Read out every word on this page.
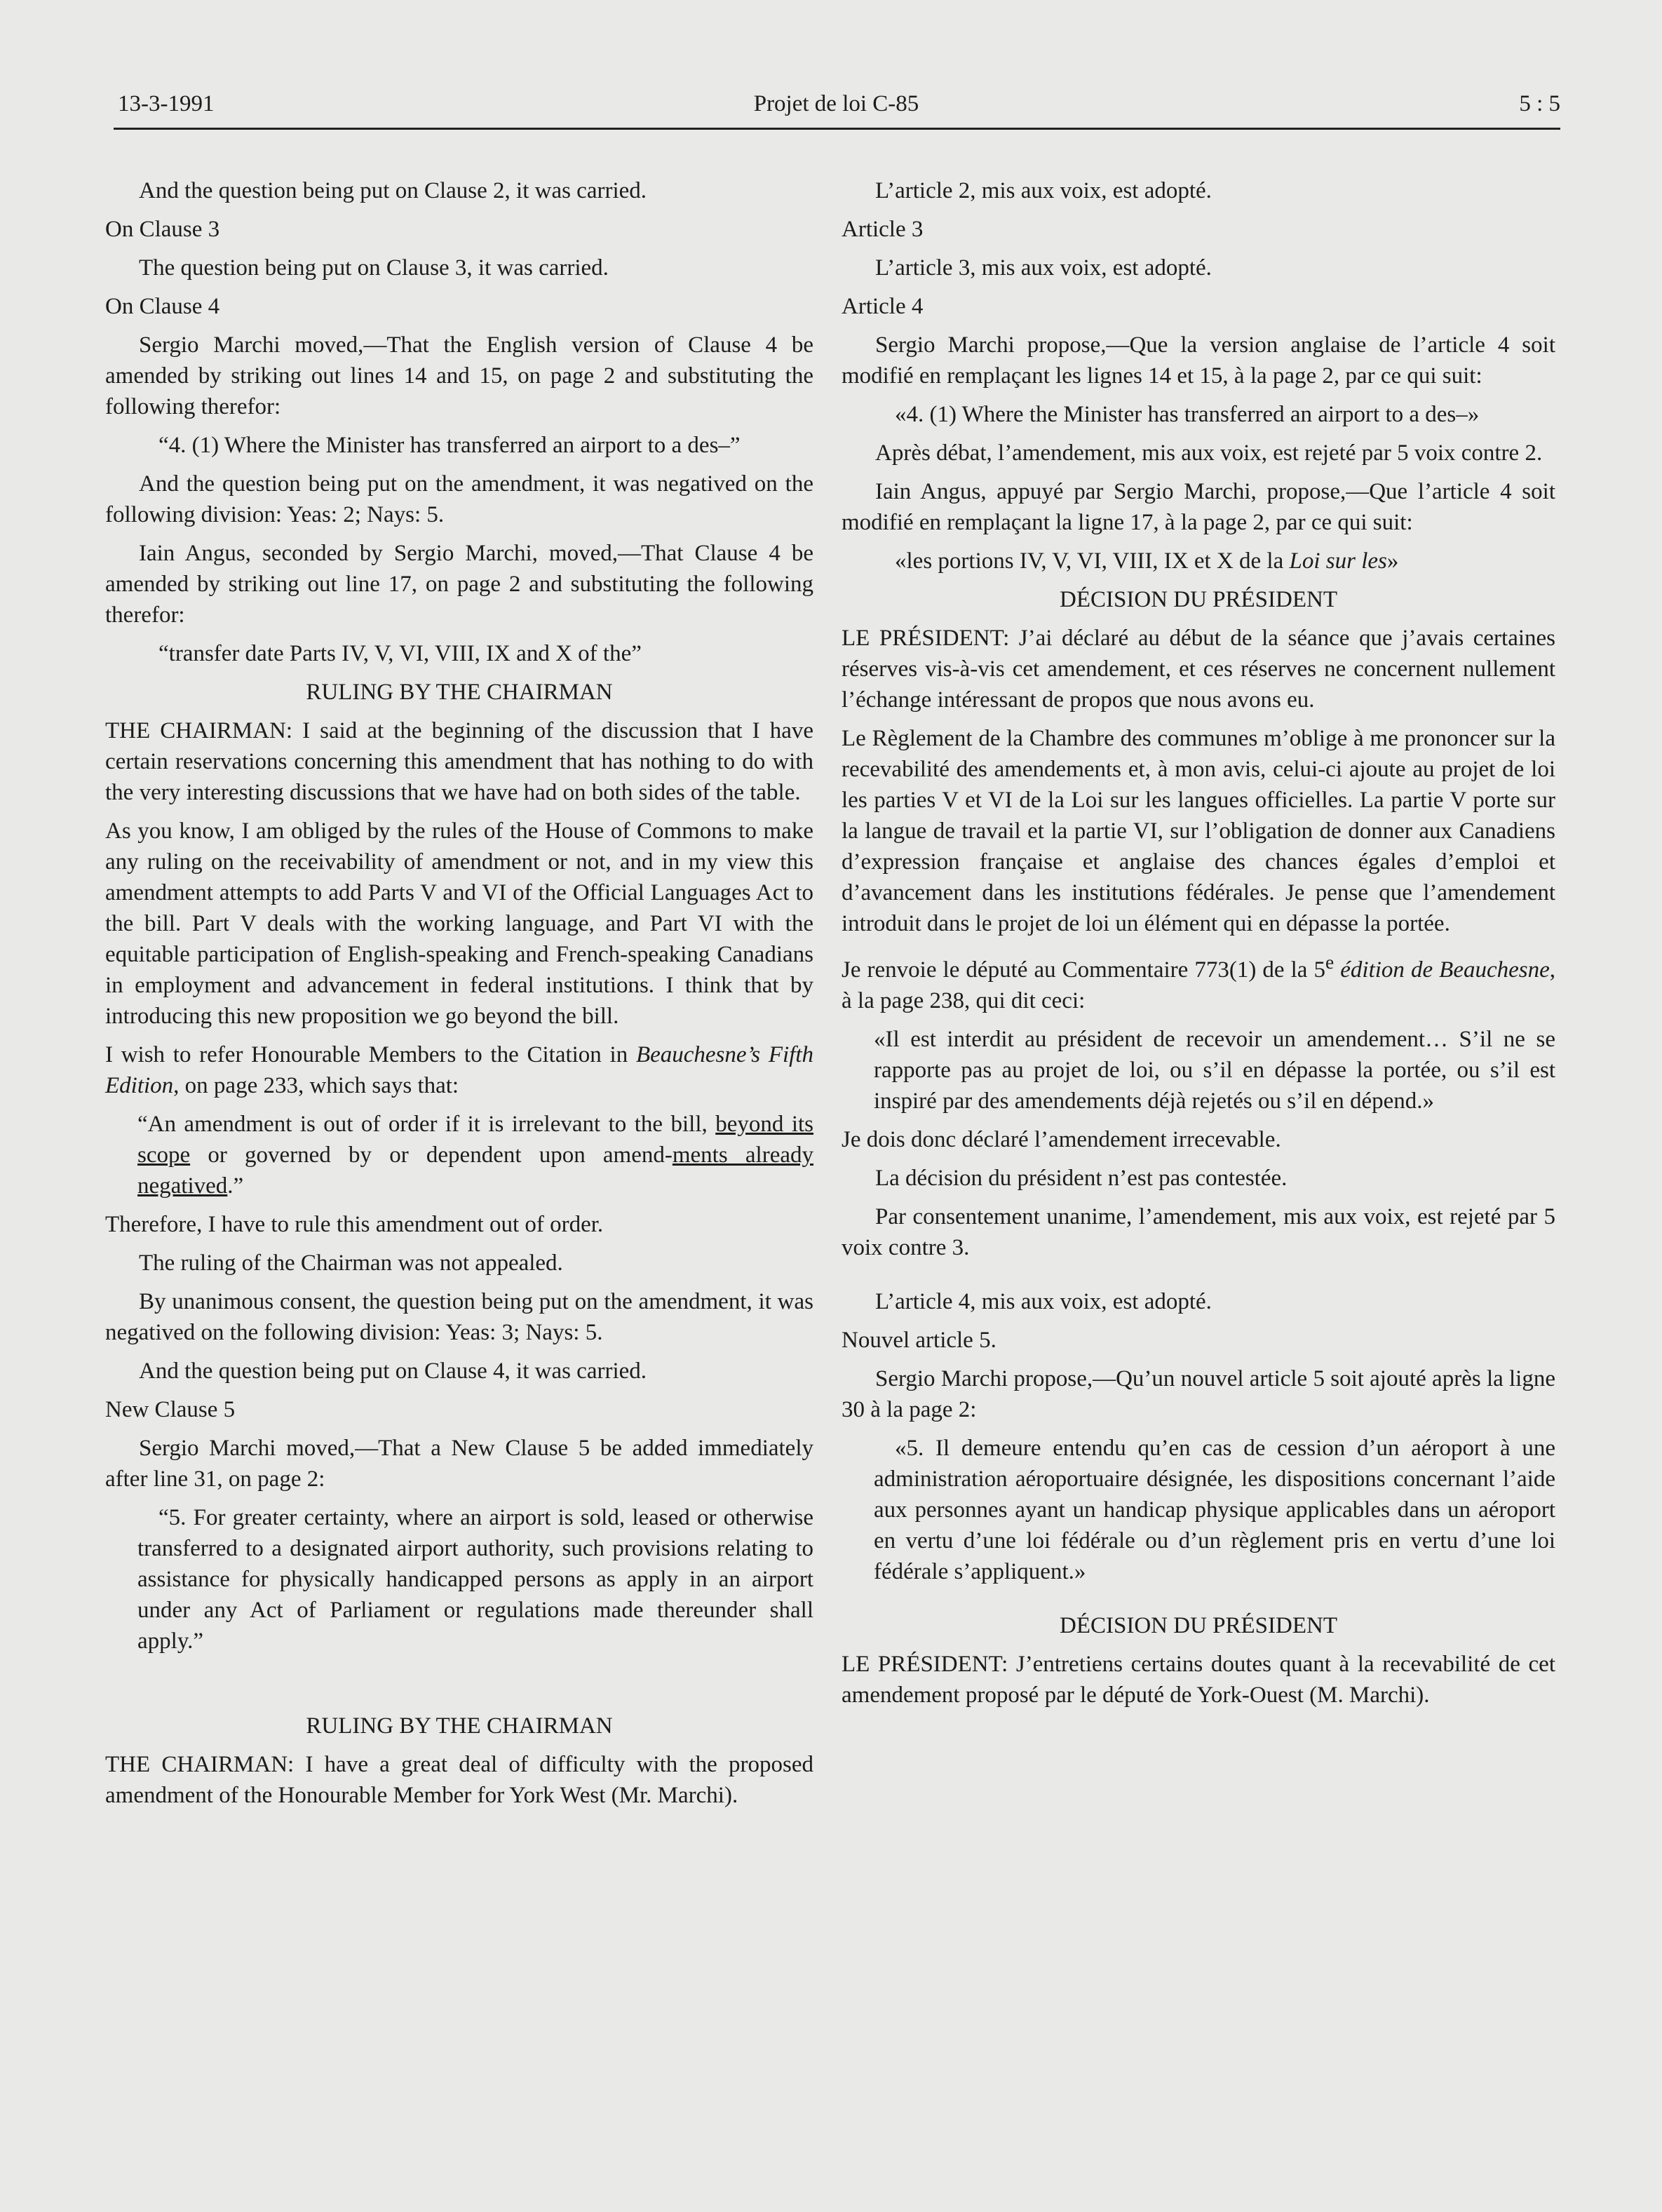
13-3-1991	Projet de loi C-85	5 : 5

And the question being put on Clause 2, it was carried.

On Clause 3

The question being put on Clause 3, it was carried.

On Clause 4

Sergio Marchi moved,—That the English version of Clause 4 be amended by striking out lines 14 and 15, on page 2 and substituting the following therefor:

“4. (1) Where the Minister has transferred an airport to a des–”

And the question being put on the amendment, it was negatived on the following division: Yeas: 2; Nays: 5.

Iain Angus, seconded by Sergio Marchi, moved,—That Clause 4 be amended by striking out line 17, on page 2 and substituting the following therefor:

“transfer date Parts IV, V, VI, VIII, IX and X of the”

RULING BY THE CHAIRMAN

THE CHAIRMAN: I said at the beginning of the discussion that I have certain reservations concerning this amendment that has nothing to do with the very interesting discussions that we have had on both sides of the table.

As you know, I am obliged by the rules of the House of Commons to make any ruling on the receivability of amendment or not, and in my view this amendment attempts to add Parts V and VI of the Official Languages Act to the bill. Part V deals with the working language, and Part VI with the equitable participation of English-speaking and French-speaking Canadians in employment and advancement in federal institutions. I think that by introducing this new proposition we go beyond the bill.

I wish to refer Honourable Members to the Citation in Beauchesne’s Fifth Edition, on page 233, which says that:

“An amendment is out of order if it is irrelevant to the bill, beyond its scope or governed by or dependent upon amend-ments already negatived.”

Therefore, I have to rule this amendment out of order.

The ruling of the Chairman was not appealed.

By unanimous consent, the question being put on the amendment, it was negatived on the following division: Yeas: 3; Nays: 5.

And the question being put on Clause 4, it was carried.

New Clause 5

Sergio Marchi moved,—That a New Clause 5 be added immediately after line 31, on page 2:

“5. For greater certainty, where an airport is sold, leased or otherwise transferred to a designated airport authority, such provisions relating to assistance for physically handicapped persons as apply in an airport under any Act of Parliament or regulations made thereunder shall apply.”

RULING BY THE CHAIRMAN

THE CHAIRMAN: I have a great deal of difficulty with the proposed amendment of the Honourable Member for York West (Mr. Marchi).

L’article 2, mis aux voix, est adopté.

Article 3

L’article 3, mis aux voix, est adopté.

Article 4

Sergio Marchi propose,—Que la version anglaise de l’article 4 soit modifié en remplaçant les lignes 14 et 15, à la page 2, par ce qui suit:

«4. (1) Where the Minister has transferred an airport to a des–»

Après débat, l’amendement, mis aux voix, est rejeté par 5 voix contre 2.

Iain Angus, appuyé par Sergio Marchi, propose,—Que l’article 4 soit modifié en remplaçant la ligne 17, à la page 2, par ce qui suit:

«les portions IV, V, VI, VIII, IX et X de la Loi sur les»

DÉCISION DU PRÉSIDENT

LE PRÉSIDENT: J’ai déclaré au début de la séance que j’avais certaines réserves vis-à-vis cet amendement, et ces réserves ne concernent nullement l’échange intéressant de propos que nous avons eu.

Le Règlement de la Chambre des communes m’oblige à me prononcer sur la recevabilité des amendements et, à mon avis, celui-ci ajoute au projet de loi les parties V et VI de la Loi sur les langues officielles. La partie V porte sur la langue de travail et la partie VI, sur l’obligation de donner aux Canadiens d’expression française et anglaise des chances égales d’emploi et d’avancement dans les institutions fédérales. Je pense que l’amendement introduit dans le projet de loi un élément qui en dépasse la portée.

Je renvoie le député au Commentaire 773(1) de la 5e édition de Beauchesne, à la page 238, qui dit ceci:

«Il est interdit au président de recevoir un amendement… S’il ne se rapporte pas au projet de loi, ou s’il en dépasse la portée, ou s’il est inspiré par des amendements déjà rejetés ou s’il en dépend.»

Je dois donc déclaré l’amendement irrecevable.

La décision du président n’est pas contestée.

Par consentement unanime, l’amendement, mis aux voix, est rejeté par 5 voix contre 3.

L’article 4, mis aux voix, est adopté.

Nouvel article 5.

Sergio Marchi propose,—Qu’un nouvel article 5 soit ajouté après la ligne 30 à la page 2:

«5. Il demeure entendu qu’en cas de cession d’un aéroport à une administration aéroportuaire désignée, les dispositions concernant l’aide aux personnes ayant un handicap physique applicables dans un aéroport en vertu d’une loi fédérale ou d’un règlement pris en vertu d’une loi fédérale s’appliquent.»

DÉCISION DU PRÉSIDENT

LE PRÉSIDENT: J’entretiens certains doutes quant à la recevabilité de cet amendement proposé par le député de York-Ouest (M. Marchi).
